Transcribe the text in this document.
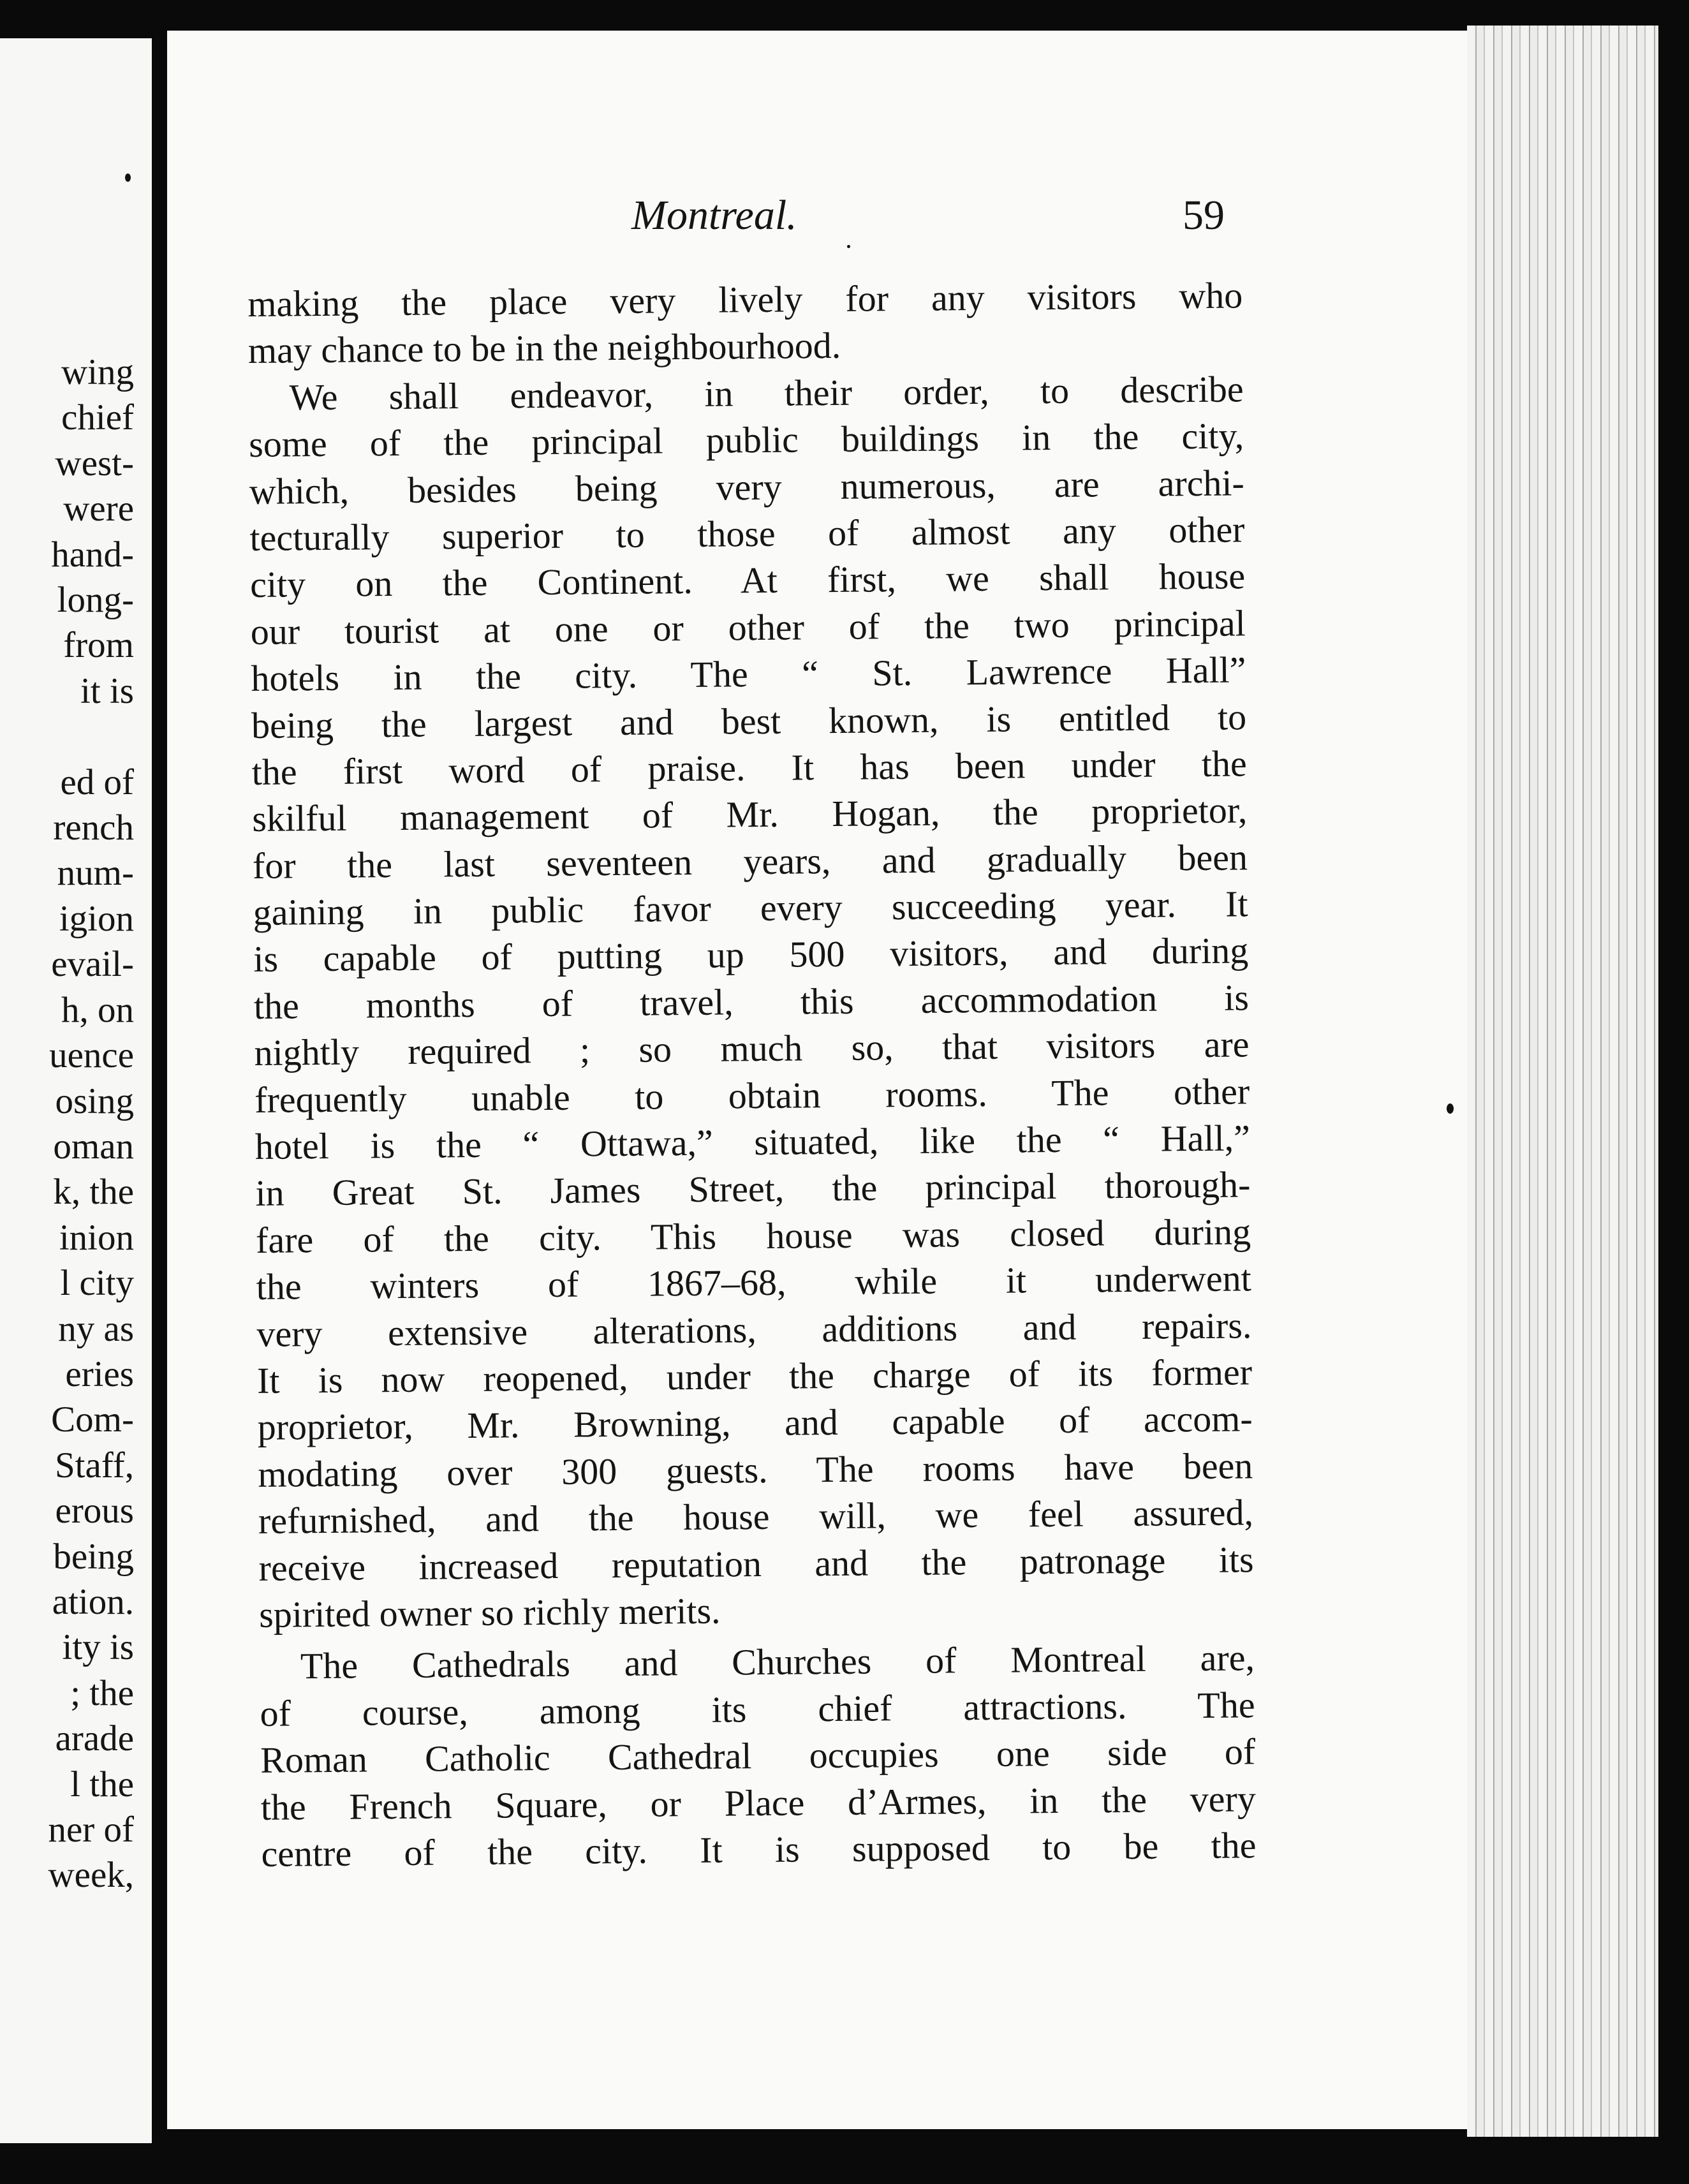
wing
chief
west-
were
hand-
long-
from
it is
ed of
rench
num-
igion
evail-
h, on
uence
osing
oman
k, the
inion
l city
ny as
eries
Com-
Staff,
erous
being
ation.
ity is
; the
arade
l the
ner of
week,
Montreal.	59
making the place very lively for any visitors who
may chance to be in the neighbourhood.
We shall endeavor, in their order, to describe
some of the principal public buildings in the city,
which, besides being very numerous, are archi-
tecturally superior to those of almost any other
city on the Continent. At first, we shall house
our tourist at one or other of the two principal
hotels in the city. The “ St. Lawrence Hall”
being the largest and best known, is entitled to
the first word of praise. It has been under the
skilful management of Mr. Hogan, the proprietor,
for the last seventeen years, and gradually been
gaining in public favor every succeeding year. It
is capable of putting up 500 visitors, and during
the months of travel, this accommodation is
nightly required ; so much so, that visitors are
frequently unable to obtain rooms. The other
hotel is the “ Ottawa,” situated, like the “ Hall,”
in Great St. James Street, the principal thorough-
fare of the city. This house was closed during
the winters of 1867–68, while it underwent
very extensive alterations, additions and repairs.
It is now reopened, under the charge of its former
proprietor, Mr. Browning, and capable of accom-
modating over 300 guests. The rooms have been
refurnished, and the house will, we feel assured,
receive increased reputation and the patronage its
spirited owner so richly merits.
The Cathedrals and Churches of Montreal are,
of course, among its chief attractions. The
Roman Catholic Cathedral occupies one side of
the French Square, or Place d’Armes, in the very
centre of the city. It is supposed to be the
